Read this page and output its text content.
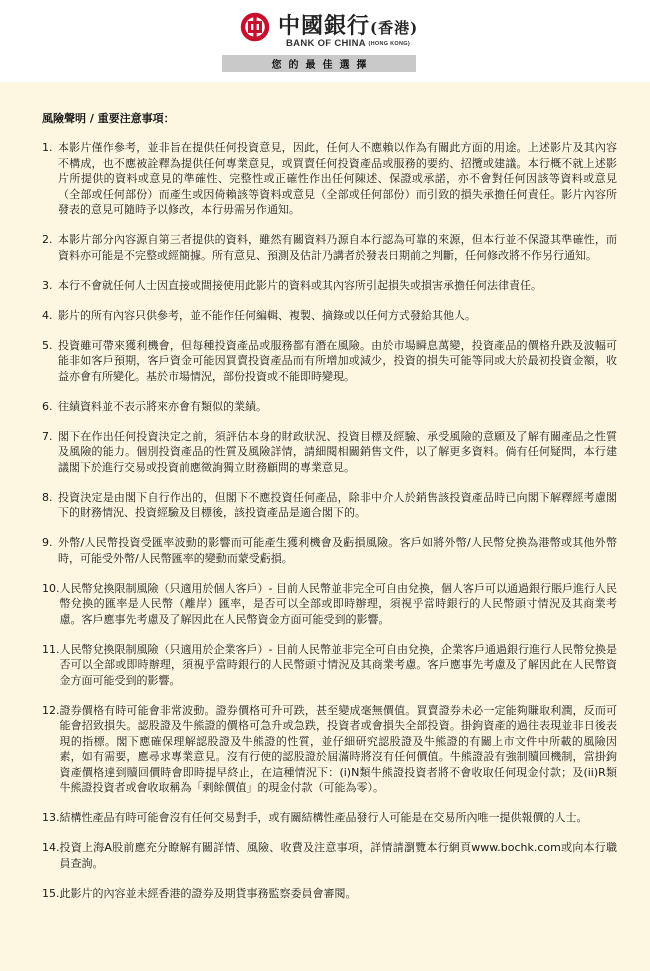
中國銀行(香港)
BANK OF CHINA (HONG KONG)
您的最佳選擇
風險聲明 / 重要注意事項：
1. 本影片僅作參考，並非旨在提供任何投資意見，因此，任何人不應賴以作為有關此方面的用途。上述影片及其內容不構成，也不應被詮釋為提供任何專業意見，或買賣任何投資產品或服務的要約、招攬或建議。本行概不就上述影片所提供的資料或意見的準確性、完整性或正確性作出任何陳述、保證或承諾，亦不會對任何因該等資料或意見（全部或任何部份）而產生或因倚賴該等資料或意見（全部或任何部份）而引致的損失承擔任何責任。影片內容所發表的意見可隨時予以修改，本行毋需另作通知。
2. 本影片部分內容源自第三者提供的資料，雖然有關資料乃源自本行認為可靠的來源，但本行並不保證其準確性，而資料亦可能是不完整或經簡據。所有意見、預測及估計乃講者於發表日期前之判斷，任何修改將不作另行通知。
3. 本行不會就任何人士因直接或間接使用此影片的資料或其內容所引起損失或損害承擔任何法律責任。
4. 影片的所有內容只供參考，並不能作任何編輯、複製、摘錄或以任何方式發給其他人。
5. 投資雖可帶來獲利機會，但每種投資產品或服務都有潛在風險。由於市場瞬息萬變，投資產品的價格升跌及波幅可能非如客戶預期，客戶資金可能因買賣投資產品而有所增加或減少，投資的損失可能等同或大於最初投資金額，收益亦會有所變化。基於市場情況，部份投資或不能即時變現。
6. 往績資料並不表示將來亦會有類似的業績。
7. 閣下在作出任何投資決定之前，須評估本身的財政狀況、投資目標及經驗、承受風險的意願及了解有關產品之性質及風險的能力。個別投資產品的性質及風險詳情，請細閱相關銷售文件，以了解更多資料。倘有任何疑問，本行建議閣下於進行交易或投資前應徵詢獨立財務顧問的專業意見。
8. 投資決定是由閣下自行作出的，但閣下不應投資任何產品，除非中介人於銷售該投資產品時已向閣下解釋經考慮閣下的財務情況、投資經驗及目標後，該投資產品是適合閣下的。
9. 外幣/人民幣投資受匯率波動的影響而可能產生獲利機會及虧損風險。客戶如將外幣/人民幣兌換為港幣或其他外幣時，可能受外幣/人民幣匯率的變動而蒙受虧損。
10. 人民幣兌換限制風險（只適用於個人客戶）- 目前人民幣並非完全可自由兌換，個人客戶可以通過銀行賬戶進行人民幣兌換的匯率是人民幣（離岸）匯率，是否可以全部或即時辦理，須視乎當時銀行的人民幣頭寸情況及其商業考慮。客戶應事先考慮及了解因此在人民幣資金方面可能受到的影響。
11. 人民幣兌換限制風險（只適用於企業客戶）- 目前人民幣並非完全可自由兌換，企業客戶通過銀行進行人民幣兌換是否可以全部或即時辦理，須視乎當時銀行的人民幣頭寸情況及其商業考慮。客戶應事先考慮及了解因此在人民幣資金方面可能受到的影響。
12. 證券價格有時可能會非常波動。證券價格可升可跌，甚至變成毫無價值。買賣證券未必一定能夠賺取利潤，反而可能會招致損失。認股證及牛熊證的價格可急升或急跌，投資者或會損失全部投資。掛鉤資產的過往表現並非日後表現的指標。閣下應確保理解認股證及牛熊證的性質，並仔細研究認股證及牛熊證的有關上市文件中所載的風險因素，如有需要，應尋求專業意見。沒有行使的認股證於屆滿時將沒有任何價值。牛熊證設有強制贖回機制，當掛鉤資產價格達到贖回價時會即時提早終止，在這種情況下：(i)N類牛熊證投資者將不會收取任何現金付款；及(ii)R類牛熊證投資者或會收取稱為「剩餘價值」的現金付款（可能為零）。
13. 結構性產品有時可能會沒有任何交易對手，或有關結構性產品發行人可能是在交易所內唯一提供報價的人士。
14. 投資上海A股前應充分瞭解有關詳情、風險、收費及注意事項，詳情請瀏覽本行網頁www.bochk.com或向本行職員查詢。
15. 此影片的內容並未經香港的證券及期貨事務監察委員會審閱。
